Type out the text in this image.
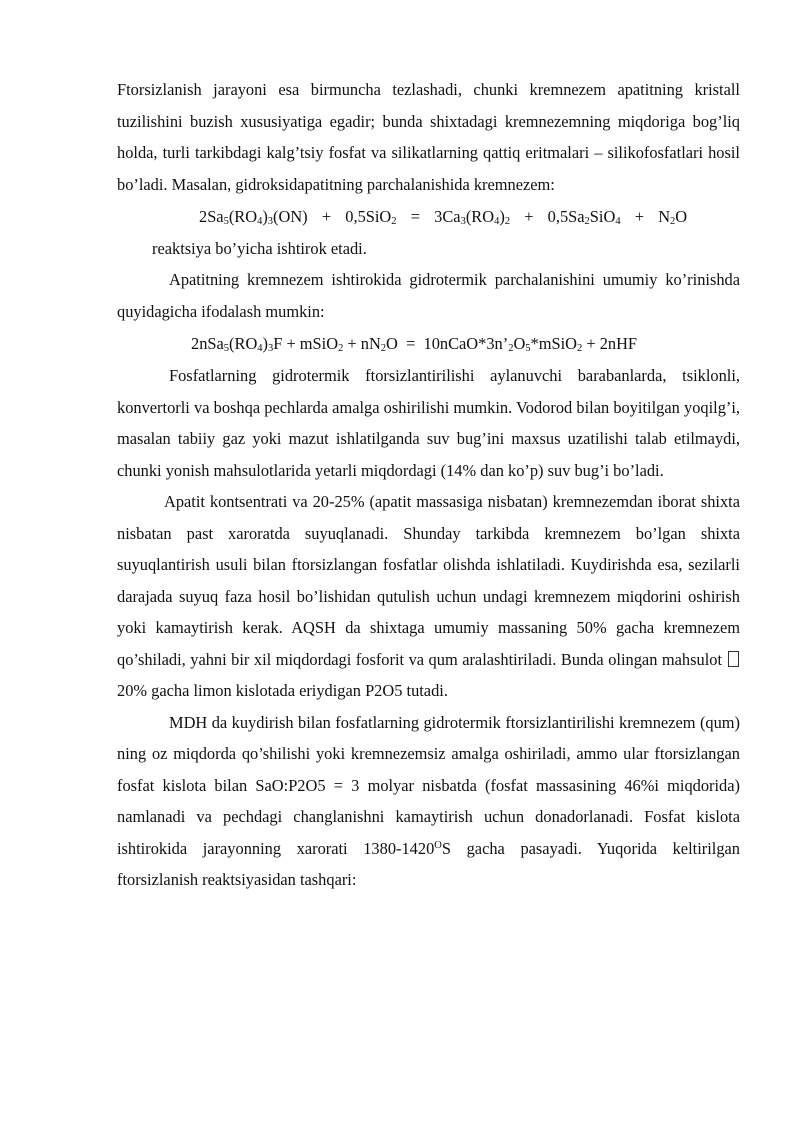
Ftorsizlanish jarayoni esa birmuncha tezlashadi, chunki kremnezem apatitning kristall tuzilishini buzish xususiyatiga egadir; bunda shixtadagi kremnezemning miqdoriga bog’liq holda, turli tarkibdagi kalg’tsiy fosfat va silikatlarning qattiq eritmalari – silikofosfatlari hosil bo’ladi. Masalan, gidroksidapatitning parchalanishida kremnezem:

$2Sa_5(RO_4)_3(ON) + 0,5SiO_2 = 3Ca_3(RO_4)_2 + 0,5Sa_2SiO_4 + N_2O$

reaktsiya bo’yicha ishtirok etadi.

Apatitning kremnezem ishtirokida gidrotermik parchalanishini umumiy ko’rinishda quyidagicha ifodalash mumkin:

$2nSa_5(RO_4)_3F$ + mSiO$_2$ + $nN_2O$  =  $10nCaO*3n’_2O_5*mSiO_2 + 2nHF$

Fosfatlarning gidrotermik ftorsizlantirilishi aylanuvchi barabanlarda, tsiklonli, konvertorli va boshqa pechlarda amalga oshirilishi mumkin. Vodorod bilan boyitilgan yoqilg’i, masalan tabiiy gaz yoki mazut ishlatilganda suv bug’ini maxsus uzatilishi talab etilmaydi, chunki yonish mahsulotlarida yetarli miqdordagi (14% dan ko’p) suv bug’i bo’ladi.

Apatit kontsentrati va 20-25% (apatit massasiga nisbatan) kremnezemdan iborat shixta nisbatan past xaroratda suyuqlanadi. Shunday tarkibda kremnezem bo’lgan shixta suyuqlantirish usuli bilan ftorsizlangan fosfatlar olishda ishlatiladi. Kuydirishda esa, sezilarli darajada suyuq faza hosil bo’lishidan qutulish uchun undagi kremnezem miqdorini oshirish yoki kamaytirish kerak. AQSH da shixtaga umumiy massaning 50% gacha kremnezem qo’shiladi, yahni bir xil miqdordagi fosforit va qum aralashtiriladi. Bunda olingan mahsulot20% gacha limon kislotada eriydigan P2O5 tutadi.

MDH da kuydirish bilan fosfatlarning gidrotermik ftorsizlantirilishi kremnezem (qum) ning oz miqdorda qo’shilishi yoki kremnezemsiz amalga oshiriladi, ammo ular ftorsizlangan fosfat kislota bilan SaO:P2O5 = 3 molyar nisbatda (fosfat massasining 46%i miqdorida) namlanadi va pechdagi changlanishni kamaytirish uchun donadorlanadi. Fosfat kislota ishtirokida jarayonning xarorati $1380-1420^OS$ gacha pasayadi. Yuqorida keltirilgan ftorsizlanish reaktsiyasidan tashqari:
